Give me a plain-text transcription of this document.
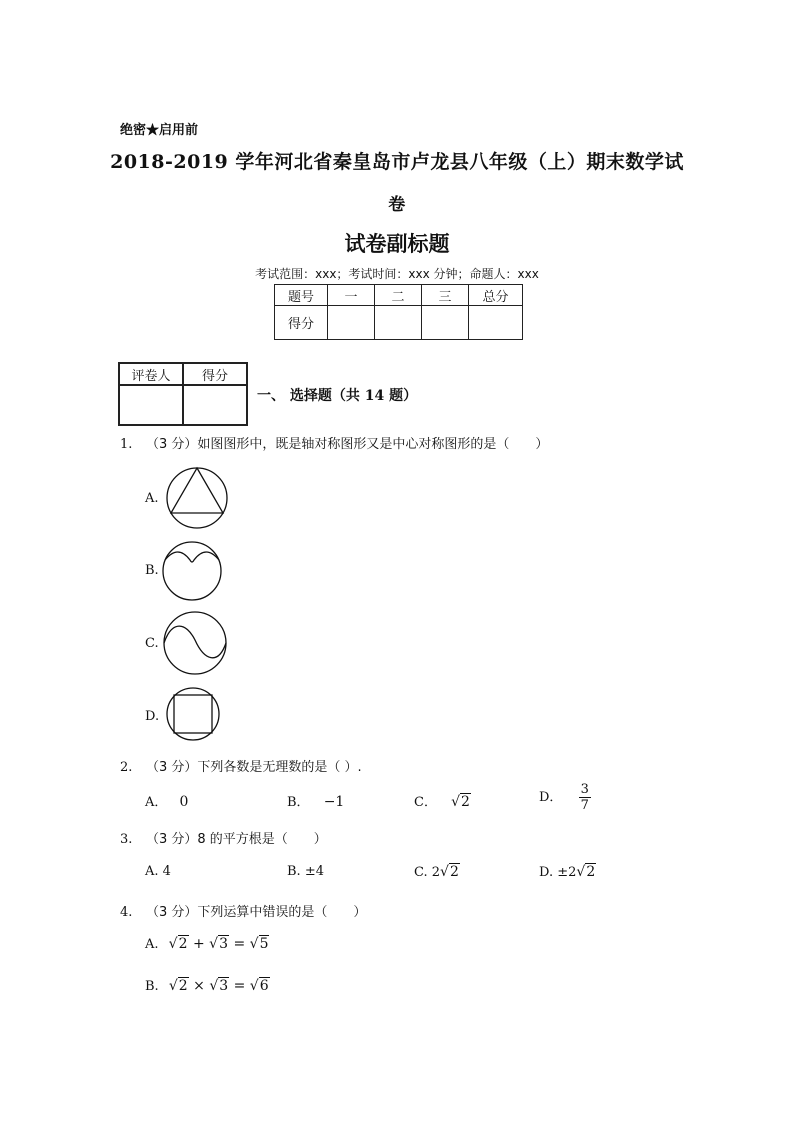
绝密★启用前
2018-2019 学年河北省秦皇岛市卢龙县八年级（上）期末数学试
卷
试卷副标题
考试范围：xxx；考试时间：xxx 分钟；命题人：xxx
题号	一	二	三	总分
得分				
评卷人	得分

一、 选择题（共 14 题）
1. （3 分）如图图形中，既是轴对称图形又是中心对称图形的是（　　）
A.
B.
C.
D.
2. （3 分）下列各数是无理数的是（ ）.
A． 0	B． −1	C． √2	D． $\frac{3}{7}$
3. （3 分）8 的平方根是（　　）
A. 4	B. ±4	C. 2√2	D. ±2√2
4. （3 分）下列运算中错误的是（　　）
A. √2 + √3 = √5
B. √2 × √3 = √6
